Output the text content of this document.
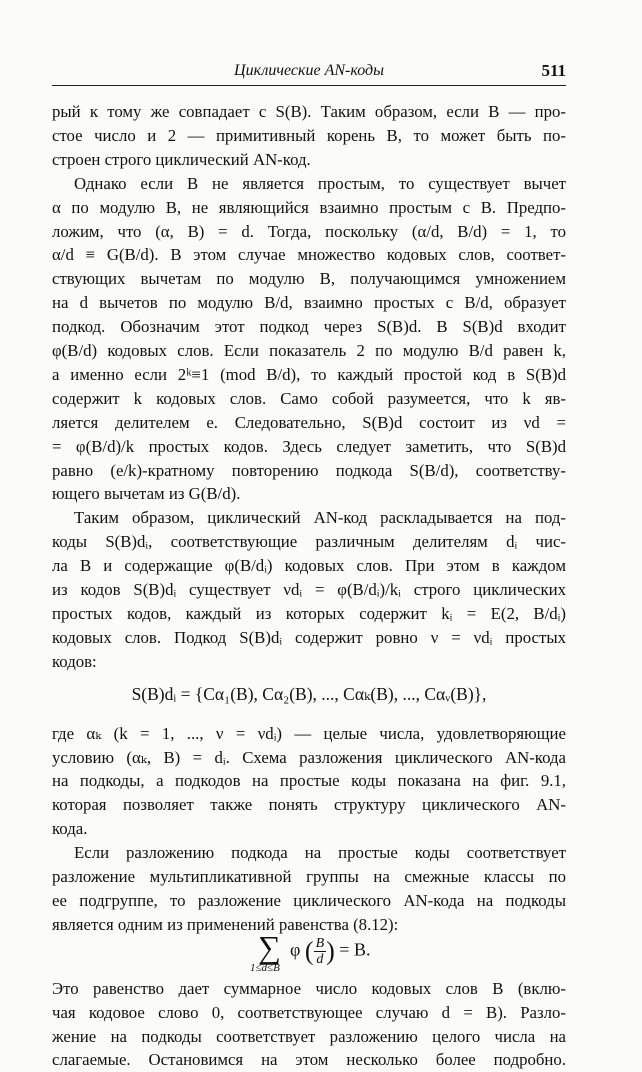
Циклические AN-коды	511
рый к тому же совпадает с S(B). Таким образом, если B — про-
стое число и 2 — примитивный корень B, то может быть по-
строен строго циклический AN-код.
Однако если B не является простым, то существует вычет
α по модулю B, не являющийся взаимно простым с B. Предпо-
ложим, что (α, B) = d. Тогда, поскольку (α/d, B/d) = 1, то
α/d ≡ G(B/d). В этом случае множество кодовых слов, соответ-
ствующих вычетам по модулю B, получающимся умножением
на d вычетов по модулю B/d, взаимно простых с B/d, образует
подкод. Обозначим этот подкод через S(B)d. В S(B)d входит
φ(B/d) кодовых слов. Если показатель 2 по модулю B/d равен k,
а именно если 2ᵏ≡1 (mod B/d), то каждый простой код в S(B)d
содержит k кодовых слов. Само собой разумеется, что k яв-
ляется делителем e. Следовательно, S(B)d состоит из νd =
= φ(B/d)/k простых кодов. Здесь следует заметить, что S(B)d
равно (e/k)-кратному повторению подкода S(B/d), соответству-
ющего вычетам из G(B/d).
Таким образом, циклический AN-код раскладывается на под-
коды S(B)dᵢ, соответствующие различным делителям dᵢ чис-
ла B и содержащие φ(B/dᵢ) кодовых слов. При этом в каждом
из кодов S(B)dᵢ существует νdᵢ = φ(B/dᵢ)/kᵢ строго циклических
простых кодов, каждый из которых содержит kᵢ = E(2, B/dᵢ)
кодовых слов. Подкод S(B)dᵢ содержит ровно ν = νdᵢ простых
кодов:
где αₖ (k = 1, ..., ν = νdᵢ) — целые числа, удовлетворяющие
условию (αₖ, B) = dᵢ. Схема разложения циклического AN-кода
на подкоды, а подкодов на простые коды показана на фиг. 9.1,
которая позволяет также понять структуру циклического AN-
кода.
Если разложению подкода на простые коды соответствует
разложение мультипликативной группы на смежные классы по
ее подгруппе, то разложение циклического AN-кода на подкоды
является одним из применений равенства (8.12):
Это равенство дает суммарное число кодовых слов B (вклю-
чая кодовое слово 0, соответствующее случаю d = B). Разло-
жение на подкоды соответствует разложению целого числа на
слагаемые. Остановимся на этом несколько более подробно.
S(B)dᵢ = {Cα₁(B), Cα₂(B), ..., Cαₖ(B), ..., Cαᵥ(B)},
∑
1≤d≤B
φ ( $\frac{B}{d}$ ) = B.
